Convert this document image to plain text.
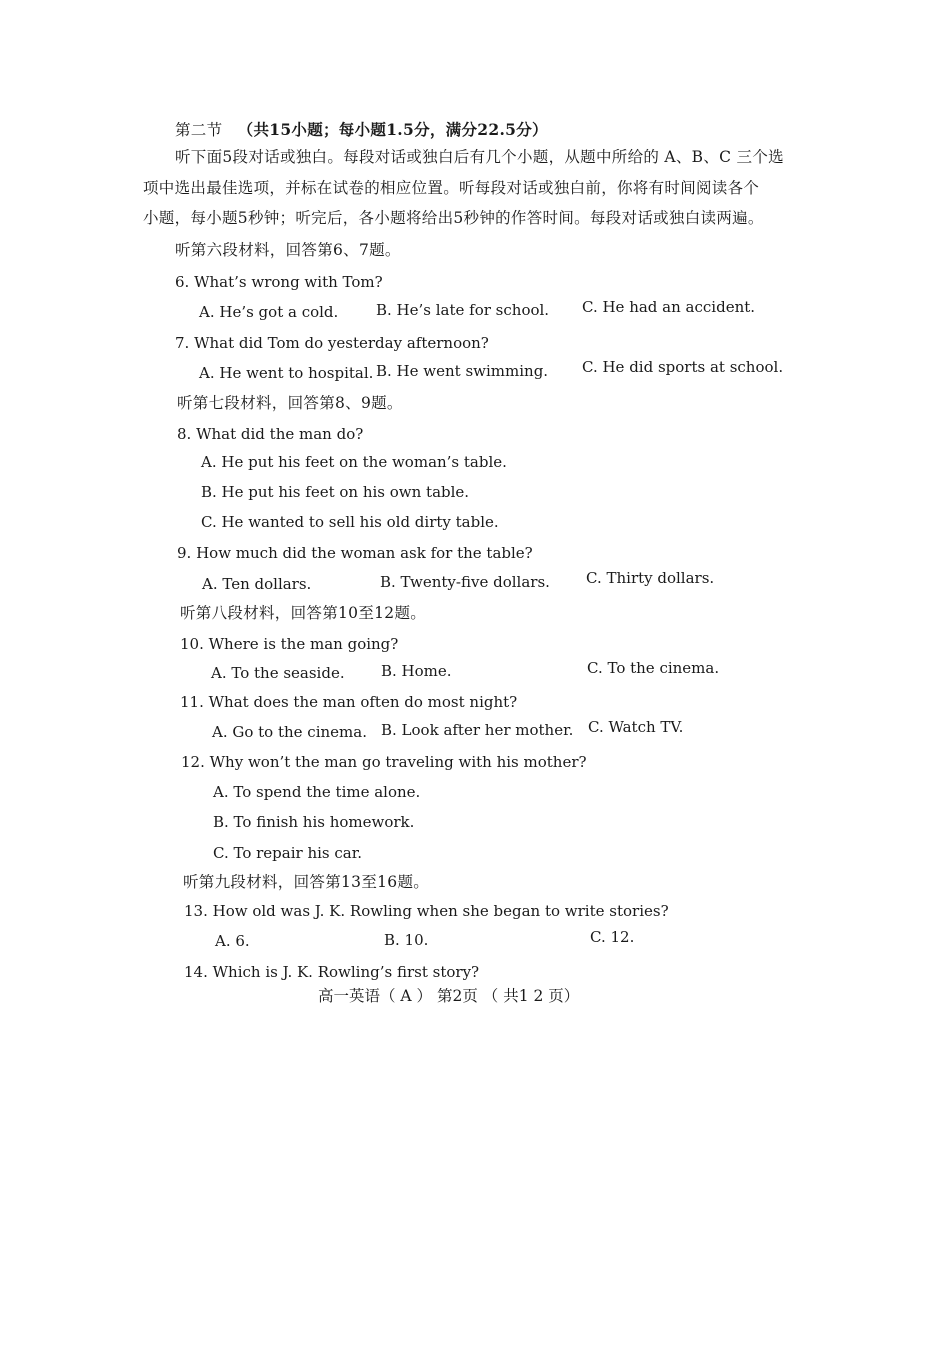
第二节 （共15小题；每小题1.5分，满分22.5分）
听下面5段对话或独白。每段对话或独白后有几个小题，从题中所给的 A、B、C 三个选
项中选出最佳选项，并标在试卷的相应位置。听每段对话或独白前，你将有时间阅读各个
小题，每小题5秒钟；听完后，各小题将给出5秒钟的作答时间。每段对话或独白读两遍。
听第六段材料，回答第6、7题。
6. What’s wrong with Tom?
A. He’s got a cold.	B. He’s late for school. C. He had an accident.
7. What did Tom do yesterday afternoon?
A. He went to hospital. B. He went swimming. C. He did sports at school.
听第七段材料，回答第8、9题。
8. What did the man do?
A. He put his feet on the woman’s table.
B. He put his feet on his own table.
C. He wanted to sell his old dirty table.
9. How much did the woman ask for the table?
A. Ten dollars.	B. Twenty-five dollars. C. Thirty dollars.
听第八段材料，回答第10至12题。
10. Where is the man going?
A. To the seaside. B. Home.	C. To the cinema.
11. What does the man often do most night?
A. Go to the cinema. B. Look after her mother. C. Watch TV.
12. Why won’t the man go traveling with his mother?
A. To spend the time alone.
B. To finish his homework.
C. To repair his car.
听第九段材料，回答第13至16题。
13. How old was J. K. Rowling when she began to write stories?
A. 6.	B. 10.	C. 12.
14. Which is J. K. Rowling’s first story?
高一英语（ A ） 第2页 （ 共1 2 页）
